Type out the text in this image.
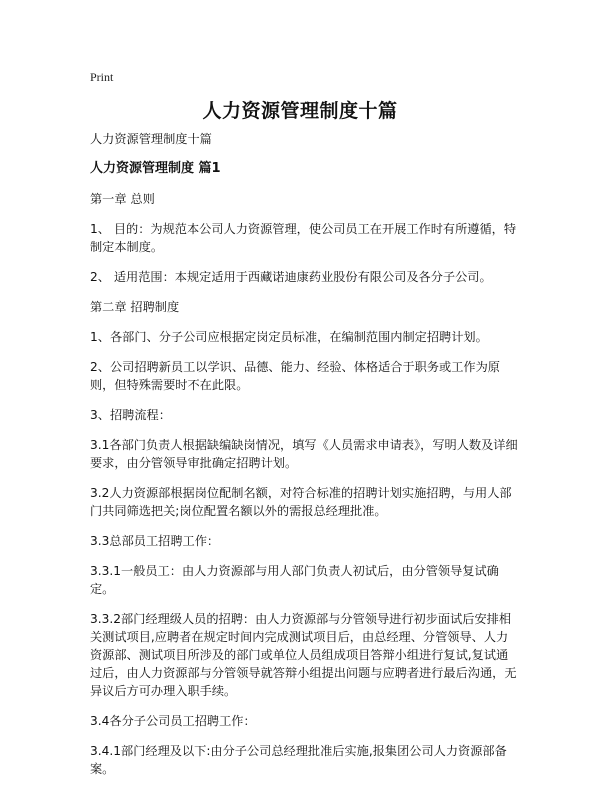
Print
人力资源管理制度十篇

人力资源管理制度十篇

人力资源管理制度 篇1

第一章 总则

1、 目的：为规范本公司人力资源管理，使公司员工在开展工作时有所遵循，特制定本制度。

2、 适用范围：本规定适用于西藏诺迪康药业股份有限公司及各分子公司。

第二章 招聘制度

1、各部门、分子公司应根据定岗定员标准，在编制范围内制定招聘计划。

2、公司招聘新员工以学识、品德、能力、经验、体格适合于职务或工作为原则，但特殊需要时不在此限。

3、招聘流程：

3.1各部门负责人根据缺编缺岗情况，填写《人员需求申请表》，写明人数及详细要求，由分管领导审批确定招聘计划。

3.2人力资源部根据岗位配制名额，对符合标准的招聘计划实施招聘，与用人部门共同筛选把关;岗位配置名额以外的需报总经理批准。

3.3总部员工招聘工作：

3.3.1一般员工：由人力资源部与用人部门负责人初试后，由分管领导复试确定。

3.3.2部门经理级人员的招聘：由人力资源部与分管领导进行初步面试后安排相关测试项目,应聘者在规定时间内完成测试项目后，由总经理、分管领导、人力资源部、测试项目所涉及的部门或单位人员组成项目答辩小组进行复试,复试通过后，由人力资源部与分管领导就答辩小组提出问题与应聘者进行最后沟通，无异议后方可办理入职手续。

3.4各分子公司员工招聘工作：

3.4.1部门经理及以下:由分子公司总经理批准后实施,报集团公司人力资源部备案。
